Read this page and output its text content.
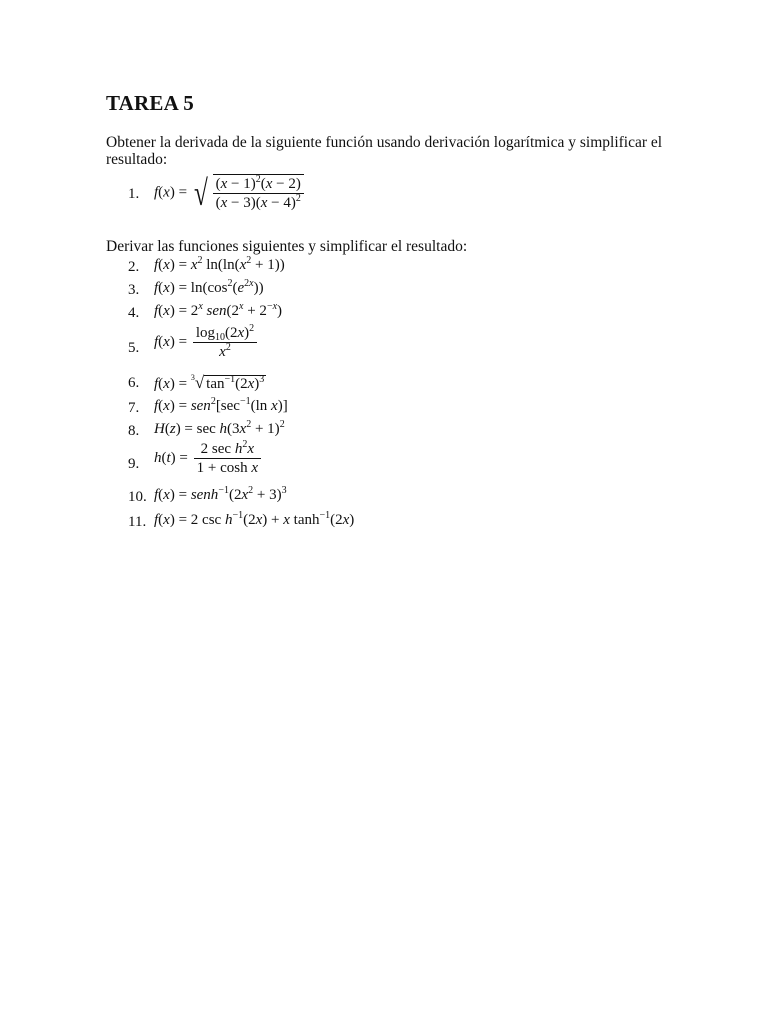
TAREA 5
Obtener la derivada de la siguiente función usando derivación logarítmica y simplificar el resultado:
1. f(x) = √ $\frac{(x - 1)^2(x - 2)}{(x - 3)(x - 4)^2}$
Derivar las funciones siguientes y simplificar el resultado:
2. $f(x) = x^2$ $\ln(\ln(x^2 + 1))$
3. $f(x) = \ln(\cos^2(e^{2x}))$
4. $f(x) = 2^x$ $sen(2^x + 2^{-x})$
5. $f(x) = \frac{\log_{10}(2x)^2}{x^2}$
6. f(x) = $^3$√ $\tan^{-1}(2x)^3$
7. $f(x) = sen^2[\sec^{-1}(\ln$ x)]
8. $H(z) = \sec h(3x^2 + 1)^2$
9. $h(t) = \frac{2 \sec h^2x}{\text{1 + cosh x}}$
10. $f(x) = senh^{-1}(2x^2 + 3)^3$
11. f(x) = 2 $\csc h^{-1}(2x) + x$ $\tanh^{-1}(2x)$
